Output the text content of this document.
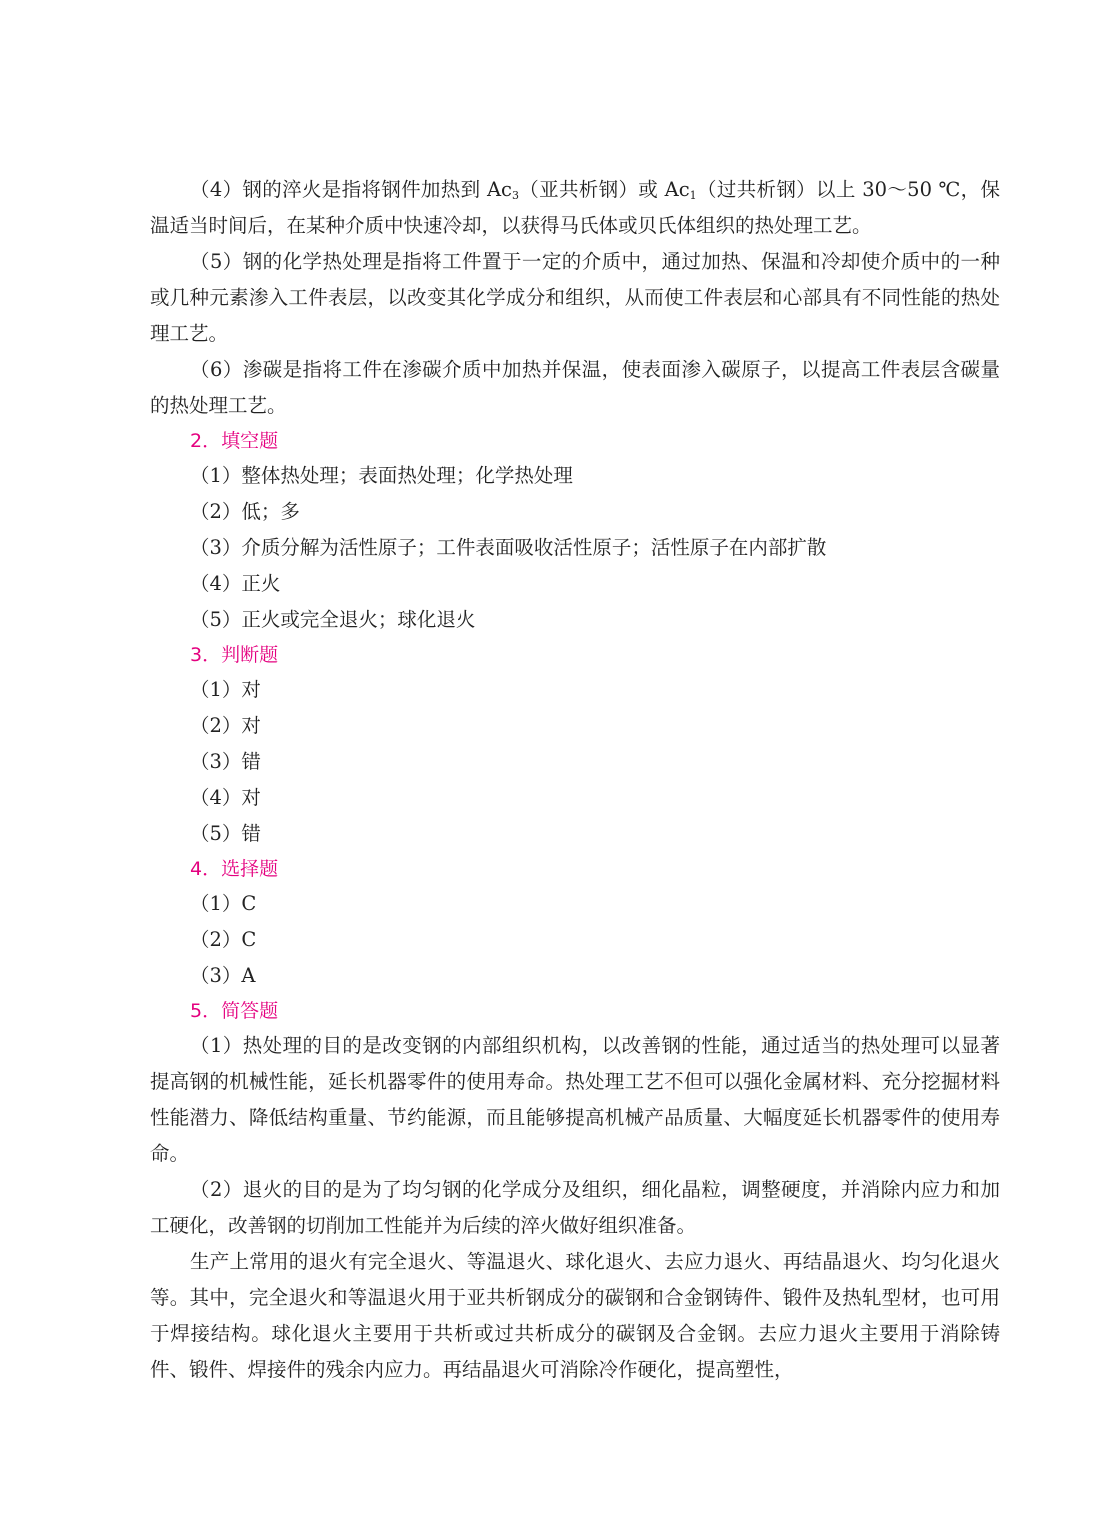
（4）钢的淬火是指将钢件加热到 $Ac_3$（亚共析钢）或 $Ac_1$（过共析钢）以上 30～50 ℃，保温适当时间后，在某种介质中快速冷却，以获得马氏体或贝氏体组织的热处理工艺。

（5）钢的化学热处理是指将工件置于一定的介质中，通过加热、保温和冷却使介质中的一种或几种元素渗入工件表层，以改变其化学成分和组织，从而使工件表层和心部具有不同性能的热处理工艺。

（6）渗碳是指将工件在渗碳介质中加热并保温，使表面渗入碳原子，以提高工件表层含碳量的热处理工艺。

2．填空题
（1）整体热处理；表面热处理；化学热处理
（2）低；多
（3）介质分解为活性原子；工件表面吸收活性原子；活性原子在内部扩散
（4）正火
（5）正火或完全退火；球化退火
3．判断题
（1）对
（2）对
（3）错
（4）对
（5）错
4．选择题
（1）C
（2）C
（3）A
5．简答题

（1）热处理的目的是改变钢的内部组织机构，以改善钢的性能，通过适当的热处理可以显著提高钢的机械性能，延长机器零件的使用寿命。热处理工艺不但可以强化金属材料、充分挖掘材料性能潜力、降低结构重量、节约能源，而且能够提高机械产品质量、大幅度延长机器零件的使用寿命。

（2）退火的目的是为了均匀钢的化学成分及组织，细化晶粒，调整硬度，并消除内应力和加工硬化，改善钢的切削加工性能并为后续的淬火做好组织准备。

生产上常用的退火有完全退火、等温退火、球化退火、去应力退火、再结晶退火、均匀化退火等。其中，完全退火和等温退火用于亚共析钢成分的碳钢和合金钢铸件、锻件及热轧型材，也可用于焊接结构。球化退火主要用于共析或过共析成分的碳钢及合金钢。去应力退火主要用于消除铸件、锻件、焊接件的残余内应力。再结晶退火可消除冷作硬化，提高塑性，
